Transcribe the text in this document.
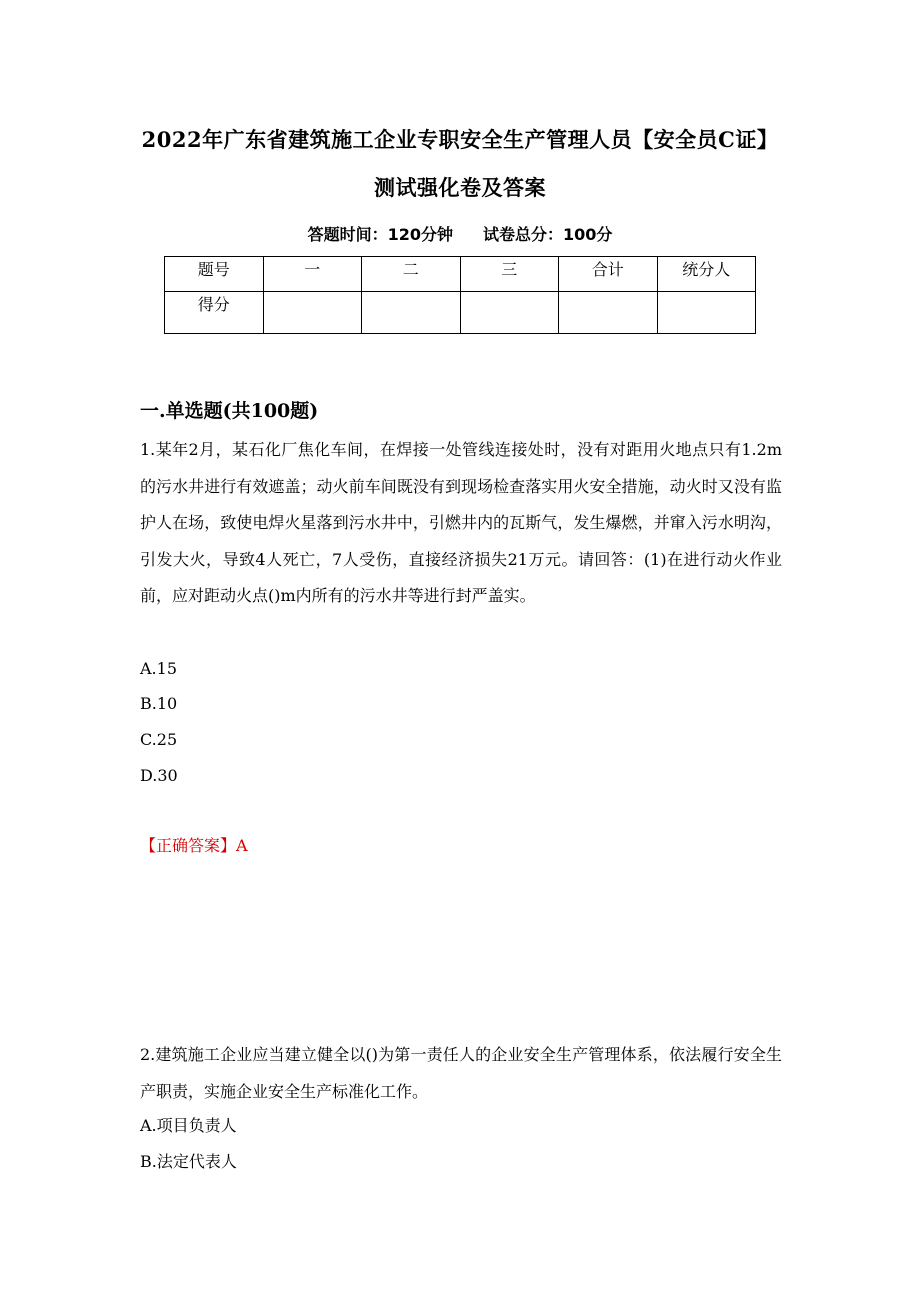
2022年广东省建筑施工企业专职安全生产管理人员【安全员C证】
测试强化卷及答案
答题时间：120分钟 试卷总分：100分
题号	一	二	三	合计	统分人
得分					
一.单选题(共100题)
1.某年2月，某石化厂焦化车间，在焊接一处管线连接处时，没有对距用火地点只有1.2m的污水井进行有效遮盖；动火前车间既没有到现场检查落实用火安全措施，动火时又没有监护人在场，致使电焊火星落到污水井中，引燃井内的瓦斯气，发生爆燃，并窜入污水明沟，引发大火，导致4人死亡，7人受伤，直接经济损失21万元。请回答：(1)在进行动火作业前，应对距动火点()m内所有的污水井等进行封严盖实。
A.15
B.10
C.25
D.30
【正确答案】A
2.建筑施工企业应当建立健全以()为第一责任人的企业安全生产管理体系，依法履行安全生产职责，实施企业安全生产标准化工作。
A.项目负责人
B.法定代表人
